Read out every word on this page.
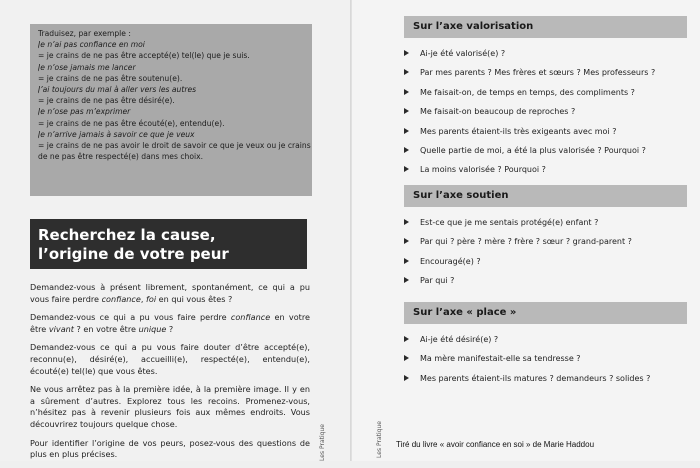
Traduisez, par exemple :
Je n’ai pas confiance en moi
= je crains de ne pas être accepté(e) tel(le) que je suis.
Je n’ose jamais me lancer
= je crains de ne pas être soutenu(e).
J’ai toujours du mal à aller vers les autres
= je crains de ne pas être désiré(e).
Je n’ose pas m’exprimer
= je crains de ne pas être écouté(e), entendu(e).
Je n’arrive jamais à savoir ce que je veux
= je crains de ne pas avoir le droit de savoir ce que je veux ou je crains de ne pas être respecté(e) dans mes choix.
Recherchez la cause,
l’origine de votre peur

Demandez-vous à présent librement, spontanément, ce qui a pu vous faire perdre confiance, foi en qui vous êtes ?

Demandez-vous ce qui a pu vous faire perdre confiance en votre être vivant ? en votre être unique ?

Demandez-vous ce qui a pu vous faire douter d’être accepté(e), reconnu(e), désiré(e), accueilli(e), respecté(e), entendu(e), écouté(e) tel(le) que vous êtes.

Ne vous arrêtez pas à la première idée, à la première image. Il y en a sûrement d’autres. Explorez tous les recoins. Promenez-vous, n’hésitez pas à revenir plusieurs fois aux mêmes endroits. Vous découvrirez toujours quelque chose.

Pour identifier l’origine de vos peurs, posez-vous des questions de plus en plus précises.	Les Pratique	Les Pratique
Sur l’axe valorisation
Ai-je été valorisé(e) ?
Par mes parents ? Mes frères et sœurs ? Mes professeurs ?
Me faisait-on, de temps en temps, des compliments ?
Me faisait-on beaucoup de reproches ?
Mes parents étaient-ils très exigeants avec moi ?
Quelle partie de moi, a été la plus valorisée ? Pourquoi ?
La moins valorisée ? Pourquoi ?
Sur l’axe soutien
Est-ce que je me sentais protégé(e) enfant ?
Par qui ? père ? mère ? frère ? sœur ? grand-parent ?
Encouragé(e) ?
Par qui ?
Sur l’axe « place »
Ai-je été désiré(e) ?
Ma mère manifestait-elle sa tendresse ?
Mes parents étaient-ils matures ? demandeurs ? solides ?
Tiré du livre « avoir confiance en soi » de Marie Haddou
